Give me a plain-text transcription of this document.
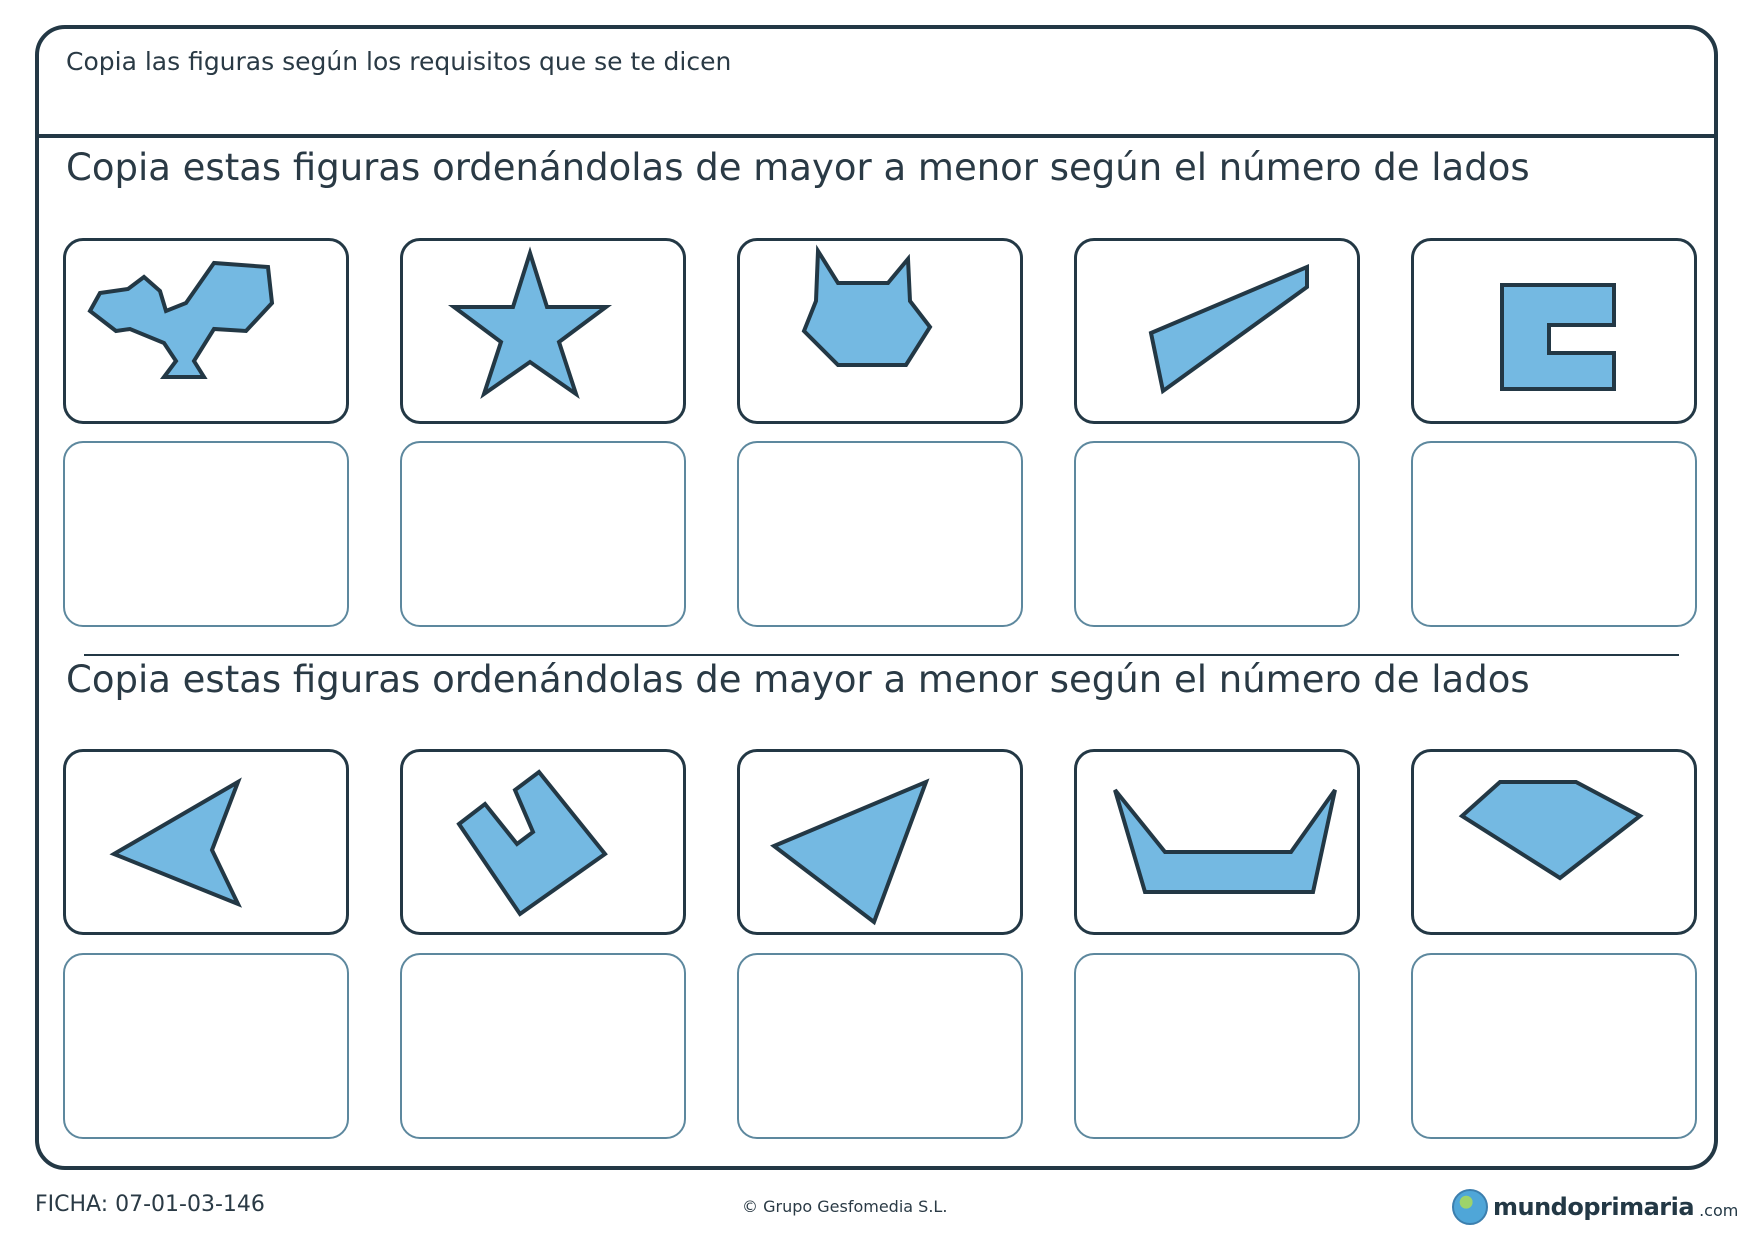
Copia las figuras según los requisitos que se te dicen
Copia estas figuras ordenándolas de mayor a menor según el número de lados
Copia estas figuras ordenándolas de mayor a menor según el número de lados
FICHA: 07-01-03-146	© Grupo Gesfomedia S.L.	mundoprimaria .com
